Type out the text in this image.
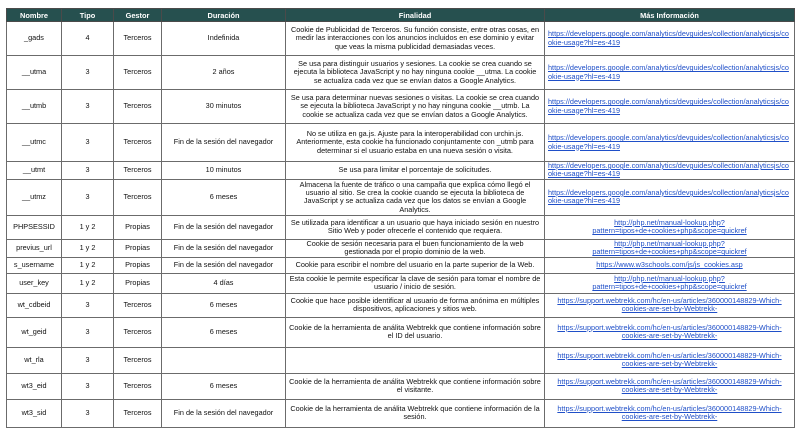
Nombre	Tipo	Gestor	Duración	Finalidad	Más Información
_gads	4	Terceros	Indefinida	Cookie de Publicidad de Terceros. Su función consiste, entre otras cosas, en medir las interacciones con los anuncios incluidos en ese dominio y evitar que veas la misma publicidad demasiadas veces.	https://developers.google.com/analytics/devguides/collection/analyticsjs/cookie-usage?hl=es-419
__utma	3	Terceros	2 años	Se usa para distinguir usuarios y sesiones. La cookie se crea cuando se ejecuta la biblioteca JavaScript y no hay ninguna cookie __utma. La cookie se actualiza cada vez que se envían datos a Google Analytics.	https://developers.google.com/analytics/devguides/collection/analyticsjs/cookie-usage?hl=es-419
__utmb	3	Terceros	30 minutos	Se usa para determinar nuevas sesiones o visitas. La cookie se crea cuando se ejecuta la biblioteca JavaScript y no hay ninguna cookie __utmb. La cookie se actualiza cada vez que se envían datos a Google Analytics.	https://developers.google.com/analytics/devguides/collection/analyticsjs/cookie-usage?hl=es-419
__utmc	3	Terceros	Fin de la sesión del navegador	No se utiliza en ga.js. Ajuste para la interoperabilidad con urchin.js. Anteriormente, esta cookie ha funcionado conjuntamente con _utmb para determinar si el usuario estaba en una nueva sesión o visita.	https://developers.google.com/analytics/devguides/collection/analyticsjs/cookie-usage?hl=es-419
__utmt	3	Terceros	10 minutos	Se usa para limitar el porcentaje de solicitudes.	https://developers.google.com/analytics/devguides/collection/analyticsjs/cookie-usage?hl=es-419
__utmz	3	Terceros	6 meses	Almacena la fuente de tráfico o una campaña que explica cómo llegó el usuario al sitio. Se crea la cookie cuando se ejecuta la biblioteca de JavaScript y se actualiza cada vez que los datos se envían a Google Analytics.	https://developers.google.com/analytics/devguides/collection/analyticsjs/cookie-usage?hl=es-419
PHPSESSID	1 y 2	Propias	Fin de la sesión del navegador	Se utilizada para identificar a un usuario que haya iniciado sesión en nuestro Sitio Web y poder ofrecerle el contenido que requiera.	http://php.net/manual-lookup.php?pattern=tipos+de+cookies+php&scope=quickref
previus_url	1 y 2	Propias	Fin de la sesión del navegador	Cookie de sesión necesaria para el buen funcionamiento de la web gestionada por el propio dominio de la web.	http://php.net/manual-lookup.php?pattern=tipos+de+cookies+php&scope=quickref
s_username	1 y 2	Propias	Fin de la sesión del navegador	Cookie para escribir el nombre del usuario en la parte superior de la Web.	https://www.w3schools.com/js/js_cookies.asp
user_key	1 y 2	Propias	4 días	Esta cookie le permite especificar la clave de sesión para tomar el nombre de usuario / inicio de sesión.	http://php.net/manual-lookup.php?pattern=tipos+de+cookies+php&scope=quickref
wt_cdbeid	3	Terceros	6 meses	Cookie que hace posible identificar al usuario de forma anónima en múltiples dispositivos, aplicaciones y sitios web.	https://support.webtrekk.com/hc/en-us/articles/360000148829-Which-cookies-are-set-by-Webtrekk-
wt_geid	3	Terceros	6 meses	Cookie de la herramienta de análita Webtrekk que contiene información sobre el ID del usuario.	https://support.webtrekk.com/hc/en-us/articles/360000148829-Which-cookies-are-set-by-Webtrekk-
wt_rla	3	Terceros			https://support.webtrekk.com/hc/en-us/articles/360000148829-Which-cookies-are-set-by-Webtrekk-
wt3_eid	3	Terceros	6 meses	Cookie de la herramienta de análita Webtrekk que contiene información sobre el visitante.	https://support.webtrekk.com/hc/en-us/articles/360000148829-Which-cookies-are-set-by-Webtrekk-
wt3_sid	3	Terceros	Fin de la sesión del navegador	Cookie de la herramienta de análita Webtrekk que contiene información de la sesión.	https://support.webtrekk.com/hc/en-us/articles/360000148829-Which-cookies-are-set-by-Webtrekk-
